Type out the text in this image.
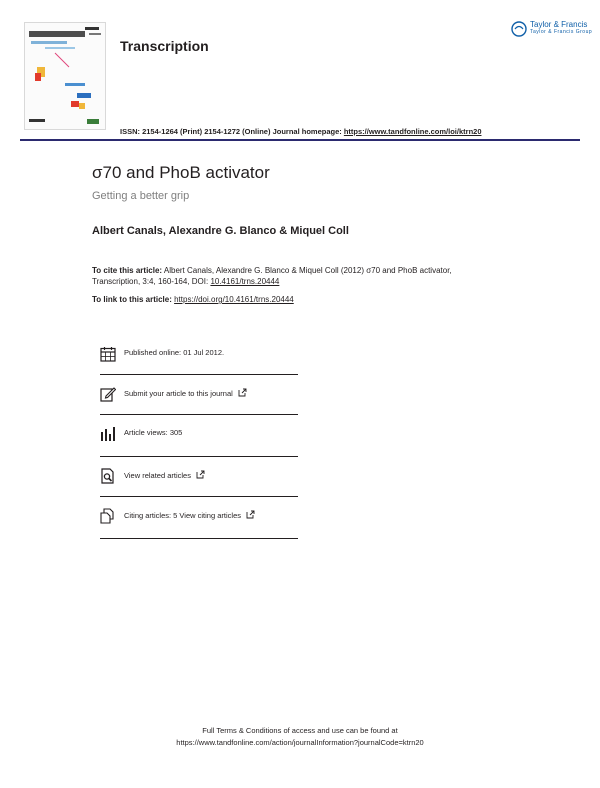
Transcription
Taylor & Francis
Taylor & Francis Group
ISSN: 2154-1264 (Print) 2154-1272 (Online) Journal homepage: https://www.tandfonline.com/loi/ktrn20
σ70 and PhoB activator
Getting a better grip
Albert Canals, Alexandre G. Blanco & Miquel Coll
To cite this article: Albert Canals, Alexandre G. Blanco & Miquel Coll (2012) σ70 and PhoB activator, Transcription, 3:4, 160-164, DOI: 10.4161/trns.20444
To link to this article: https://doi.org/10.4161/trns.20444
Published online: 01 Jul 2012.
Submit your article to this journal
Article views: 305
View related articles
Citing articles: 5 View citing articles
Full Terms & Conditions of access and use can be found at
https://www.tandfonline.com/action/journalInformation?journalCode=ktrn20
